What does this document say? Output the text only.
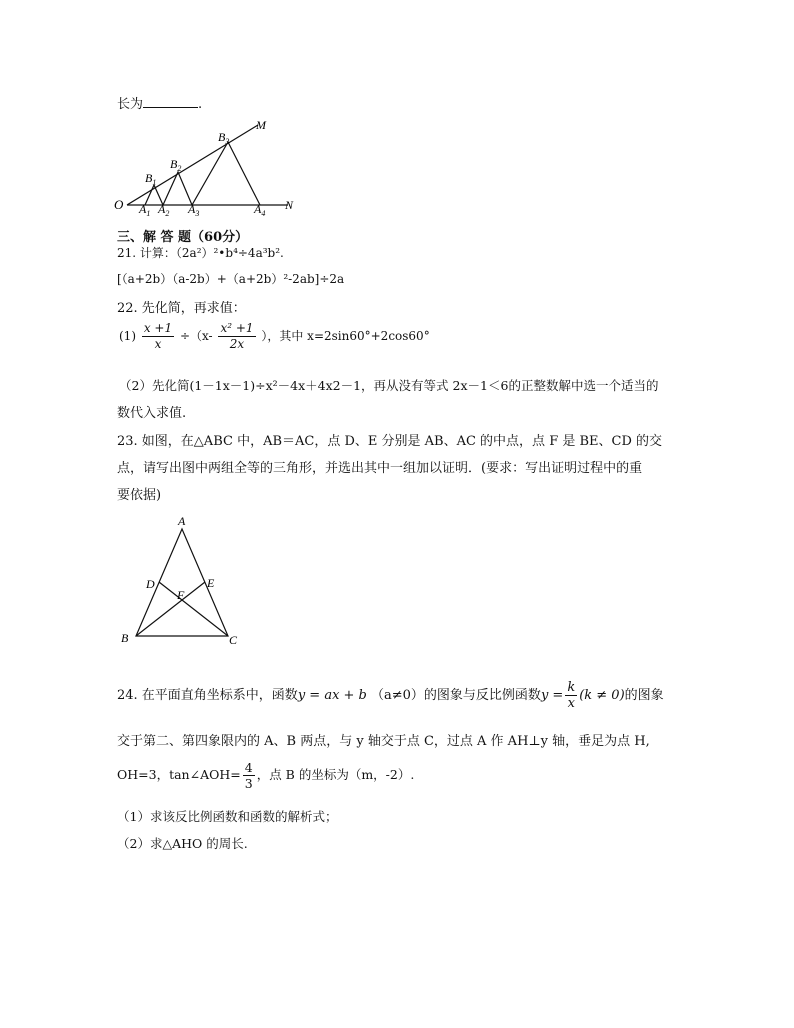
长为	.
O
M
N
$B_1$
$B_2$
$B_3$
$A_1$ $A_2$ $A_3$	$A_4$
三、解 答 题（60分）
21. 计算：（2a²）²•b⁴÷4a³b².
[（a+2b）（a-2b）+（a+2b）²-2ab]÷2a
22. 先化简，再求值：
$(1) \frac{x +1}{x} \div(x- \frac{\text{x² +1}}{2x}$ ），其中 x=2sin60°+2cos60°
（2）先化简(1－1x－1)÷x²－4x＋4x2－1，再从没有等式 2x－1＜6的正整数解中选一个适当的
数代入求值.
23. 如图，在△ABC 中，AB＝AC，点 D、E 分别是 AB、AC 的中点，点 F 是 BE、CD 的交
点，请写出图中两组全等的三角形，并选出其中一组加以证明．(要求：写出证明过程中的重
要依据)
A
B	C
D	E
F
24. 在平面直角坐标系中，函数y = ax + b （a≠0）的图象与反比例函数$y = \frac{k}{x} (k \ne 0)$的图象
交于第二、第四象限内的 A、B 两点，与 y 轴交于点 C，过点 A 作 AH⊥y 轴，垂足为点 H,
OH=3，tan∠AOH= $\frac{4}{3}$ ，点 B 的坐标为（m，-2）.
（1）求该反比例函数和函数的解析式；
（2）求△AHO 的周长.
